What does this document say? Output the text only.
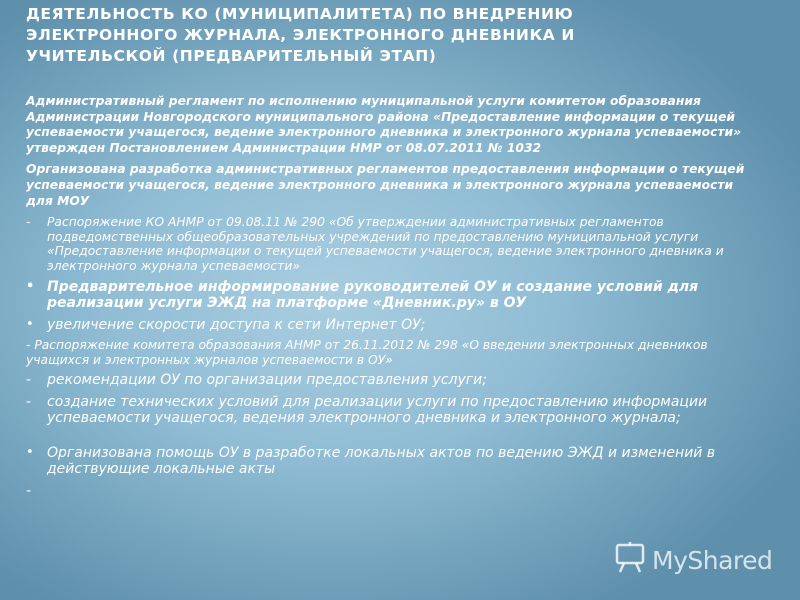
ДЕЯТЕЛЬНОСТЬ КО (МУНИЦИПАЛИТЕТА) ПО ВНЕДРЕНИЮ ЭЛЕКТРОННОГО ЖУРНАЛА, ЭЛЕКТРОННОГО ДНЕВНИКА И УЧИТЕЛЬСКОЙ (ПРЕДВАРИТЕЛЬНЫЙ ЭТАП)

Административный регламент по исполнению муниципальной услуги комитетом образования Администрации Новгородского муниципального района «Предоставление информации о текущей успеваемости учащегося, ведение электронного дневника и электронного журнала успеваемости» утвержден Постановлением Администрации НМР от 08.07.2011 № 1032

Организована разработка административных регламентов предоставления информации о текущей успеваемости учащегося, ведение электронного дневника и электронного журнала успеваемости для МОУ

- Распоряжение КО АНМР от 09.08.11 № 290 «Об утверждении административных регламентов подведомственных общеобразовательных учреждений по предоставлению муниципальной услуги «Предоставление информации о текущей успеваемости учащегося, ведение электронного дневника и электронного журнала успеваемости»
• Предварительное информирование руководителей ОУ и создание условий для реализации услуги ЭЖД на платформе «Дневник.ру» в ОУ
• увеличение скорости доступа к сети Интернет ОУ;
- Распоряжение комитета образования АНМР от 26.11.2012 № 298 «О введении электронных дневников учащихся и электронных журналов успеваемости в ОУ»
- рекомендации ОУ по организации предоставления услуги;
- создание технических условий для реализации услуги по предоставлению информации успеваемости учащегося, ведения электронного дневника и электронного журнала;
• Организована помощь ОУ в разработке локальных актов по ведению ЭЖД и изменений в действующие локальные акты
-
MyShared
